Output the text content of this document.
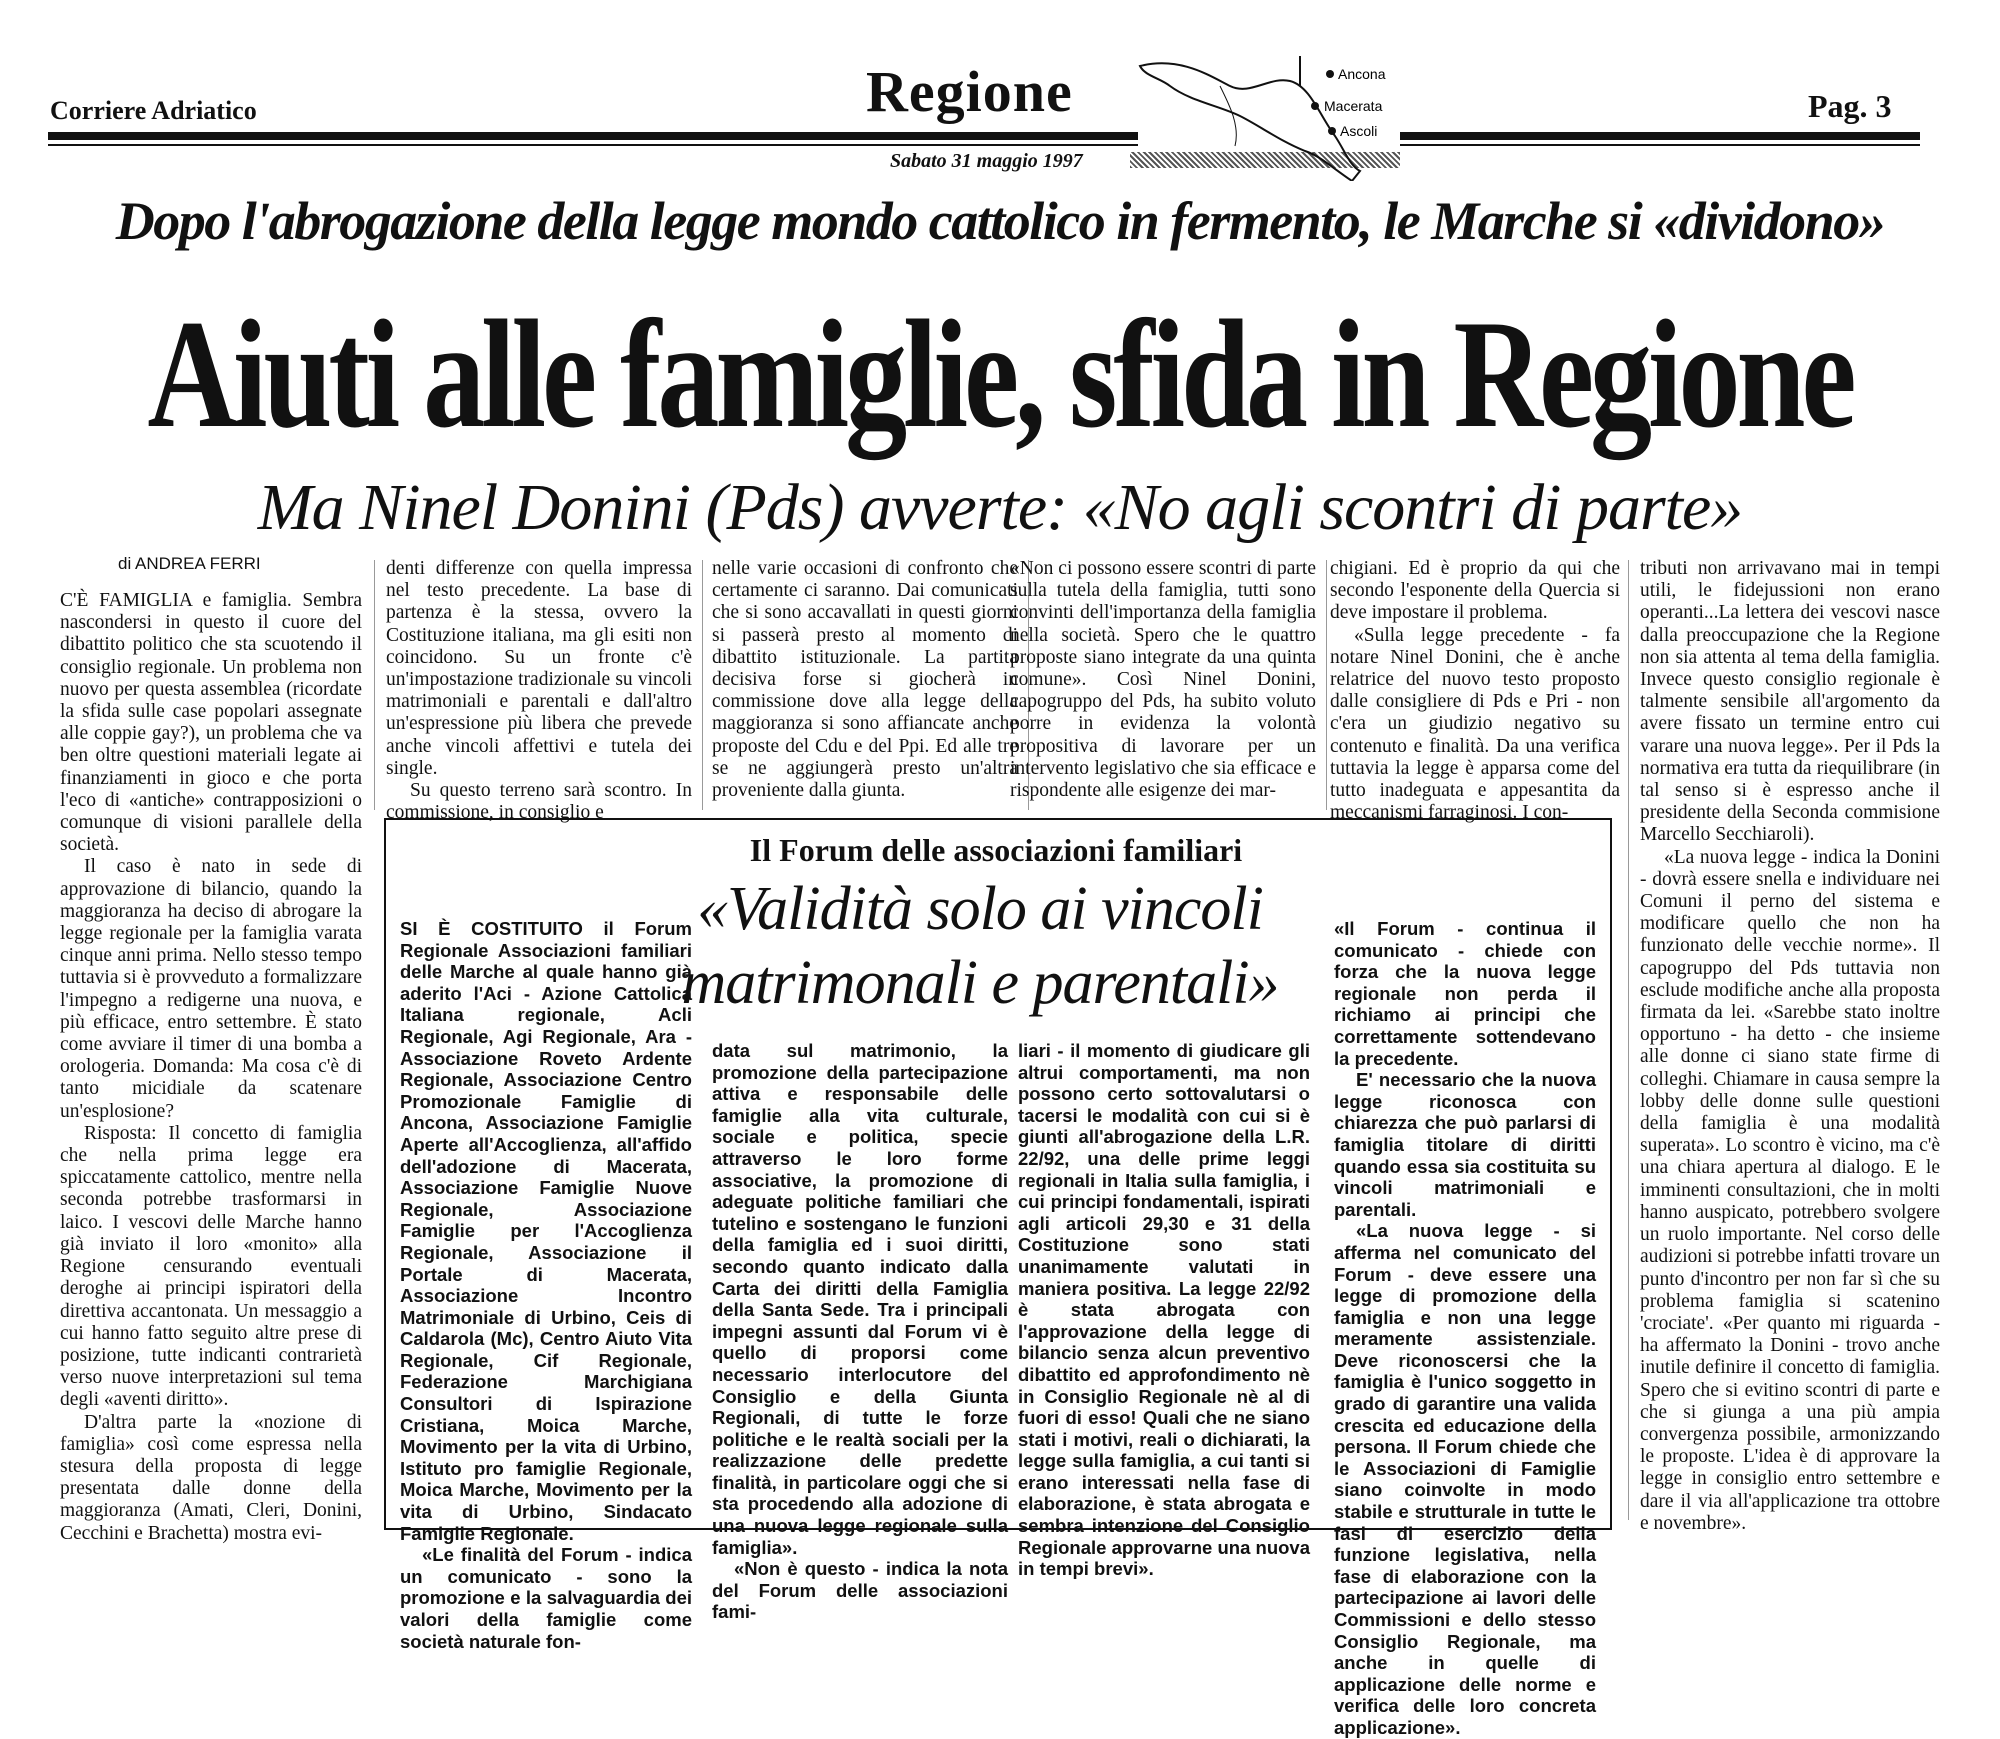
Corriere Adriatico	Regione	Pag. 3
Sabato 31 maggio 1997
Ancona
Macerata
Ascoli
Dopo l'abrogazione della legge mondo cattolico in fermento, le Marche si «dividono»
Aiuti alle famiglie, sfida in Regione
Ma Ninel Donini (Pds) avverte: «No agli scontri di parte»
di ANDREA FERRI

C'È FAMIGLIA e famiglia. Sembra nascondersi in questo il cuore del dibattito politico che sta scuotendo il consiglio regionale. Un problema non nuovo per questa assemblea (ricordate la sfida sulle case popolari assegnate alle coppie gay?), un problema che va ben oltre questioni materiali legate ai finanziamenti in gioco e che porta l'eco di «antiche» contrapposizioni o comunque di visioni parallele della società.

Il caso è nato in sede di approvazione di bilancio, quando la maggioranza ha deciso di abrogare la legge regionale per la famiglia varata cinque anni prima. Nello stesso tempo tuttavia si è provveduto a formalizzare l'impegno a redigerne una nuova, e più efficace, entro settembre. È stato come avviare il timer di una bomba a orologeria. Domanda: Ma cosa c'è di tanto micidiale da scatenare un'esplosione?

Risposta: Il concetto di famiglia che nella prima legge era spiccatamente cattolico, mentre nella seconda potrebbe trasformarsi in laico. I vescovi delle Marche hanno già inviato il loro «monito» alla Regione censurando eventuali deroghe ai principi ispiratori della direttiva accantonata. Un messaggio a cui hanno fatto seguito altre prese di posizione, tutte indicanti contrarietà verso nuove interpretazioni sul tema degli «aventi diritto».

D'altra parte la «nozione di famiglia» così come espressa nella stesura della proposta di legge presentata dalle donne della maggioranza (Amati, Cleri, Donini, Cecchini e Brachetta) mostra evi-

denti differenze con quella impressa nel testo precedente. La base di partenza è la stessa, ovvero la Costituzione italiana, ma gli esiti non coincidono. Su un fronte c'è un'impostazione tradizionale su vincoli matrimoniali e parentali e dall'altro un'espressione più libera che prevede anche vincoli affettivi e tutela dei single.

Su questo terreno sarà scontro. In commissione, in consiglio e

nelle varie occasioni di confronto che certamente ci saranno. Dai comunicati che si sono accavallati in questi giorni si passerà presto al momento di dibattito istituzionale. La partita decisiva forse si giocherà in commissione dove alla legge della maggioranza si sono affiancate anche proposte del Cdu e del Ppi. Ed alle tre se ne aggiungerà presto un'altra proveniente dalla giunta.

«Non ci possono essere scontri di parte sulla tutela della famiglia, tutti sono convinti dell'importanza della famiglia nella società. Spero che le quattro proposte siano integrate da una quinta comune». Così Ninel Donini, capogruppo del Pds, ha subito voluto porre in evidenza la volontà propositiva di lavorare per un intervento legislativo che sia efficace e rispondente alle esigenze dei mar-

chigiani. Ed è proprio da qui che secondo l'esponente della Quercia si deve impostare il problema.

«Sulla legge precedente - fa notare Ninel Donini, che è anche relatrice del nuovo testo proposto dalle consigliere di Pds e Pri - non c'era un giudizio negativo su contenuto e finalità. Da una verifica tuttavia la legge è apparsa come del tutto inadeguata e appesantita da meccanismi farraginosi. I con-

tributi non arrivavano mai in tempi utili, le fidejussioni non erano operanti...La lettera dei vescovi nasce dalla preoccupazione che la Regione non sia attenta al tema della famiglia. Invece questo consiglio regionale è talmente sensibile all'argomento da avere fissato un termine entro cui varare una nuova legge». Per il Pds la normativa era tutta da riequilibrare (in tal senso si è espresso anche il presidente della Seconda commisione Marcello Secchiaroli).

«La nuova legge - indica la Donini - dovrà essere snella e individuare nei Comuni il perno del sistema e modificare quello che non ha funzionato delle vecchie norme». Il capogruppo del Pds tuttavia non esclude modifiche anche alla proposta firmata da lei. «Sarebbe stato inoltre opportuno - ha detto - che insieme alle donne ci siano state firme di colleghi. Chiamare in causa sempre la lobby delle donne sulle questioni della famiglia è una modalità superata». Lo scontro è vicino, ma c'è una chiara apertura al dialogo. E le imminenti consultazioni, che in molti hanno auspicato, potrebbero svolgere un ruolo importante. Nel corso delle audizioni si potrebbe infatti trovare un punto d'incontro per non far sì che su problema famiglia si scatenino 'crociate'. «Per quanto mi riguarda - ha affermato la Donini - trovo anche inutile definire il concetto di famiglia. Spero che si evitino scontri di parte e che si giunga a una più ampia convergenza possibile, armonizzando le proposte. L'idea è di approvare la legge in consiglio entro settembre e dare il via all'applicazione tra ottobre e novembre».

Il Forum delle associazioni familiari
«Validità solo ai vincoli matrimonali e parentali»

SI È COSTITUITO il Forum Regionale Associazioni familiari delle Marche al quale hanno già aderito l'Aci - Azione Cattolica Italiana regionale, Acli Regionale, Agi Regionale, Ara - Associazione Roveto Ardente Regionale, Associazione Centro Promozionale Famiglie di Ancona, Associazione Famiglie Aperte all'Accoglienza, all'affido dell'adozione di Macerata, Associazione Famiglie Nuove Regionale, Associazione Famiglie per l'Accoglienza Regionale, Associazione il Portale di Macerata, Associazione Incontro Matrimoniale di Urbino, Ceis di Caldarola (Mc), Centro Aiuto Vita Regionale, Cif Regionale, Federazione Marchigiana Consultori di Ispirazione Cristiana, Moica Marche, Movimento per la vita di Urbino, Istituto pro famiglie Regionale, Moica Marche, Movimento per la vita di Urbino, Sindacato Famiglie Regionale.

«Le finalità del Forum - indica un comunicato - sono la promozione e la salvaguardia dei valori della famiglie come società naturale fon-

data sul matrimonio, la promozione della partecipazione attiva e responsabile delle famiglie alla vita culturale, sociale e politica, specie attraverso le loro forme associative, la promozione di adeguate politiche familiari che tutelino e sostengano le funzioni della famiglia ed i suoi diritti, secondo quanto indicato dalla Carta dei diritti della Famiglia della Santa Sede. Tra i principali impegni assunti dal Forum vi è quello di proporsi come necessario interlocutore del Consiglio e della Giunta Regionali, di tutte le forze politiche e le realtà sociali per la realizzazione delle predette finalità, in particolare oggi che si sta procedendo alla adozione di una nuova legge regionale sulla famiglia».

«Non è questo - indica la nota del Forum delle associazioni fami-

liari - il momento di giudicare gli altrui comportamenti, ma non possono certo sottovalutarsi o tacersi le modalità con cui si è giunti all'abrogazione della L.R. 22/92, una delle prime leggi regionali in Italia sulla famiglia, i cui principi fondamentali, ispirati agli articoli 29,30 e 31 della Costituzione sono stati unanimamente valutati in maniera positiva. La legge 22/92 è stata abrogata con l'approvazione della legge di bilancio senza alcun preventivo dibattito ed approfondimento nè in Consiglio Regionale nè al di fuori di esso! Quali che ne siano stati i motivi, reali o dichiarati, la legge sulla famiglia, a cui tanti si erano interessati nella fase di elaborazione, è stata abrogata e sembra intenzione del Consiglio Regionale approvarne una nuova in tempi brevi».

«Il Forum - continua il comunicato - chiede con forza che la nuova legge regionale non perda il richiamo ai principi che correttamente sottendevano la precedente.

E' necessario che la nuova legge riconosca con chiarezza che può parlarsi di famiglia titolare di diritti quando essa sia costituita su vincoli matrimoniali e parentali.

«La nuova legge - si afferma nel comunicato del Forum - deve essere una legge di promozione della famiglia e non una legge meramente assistenziale. Deve riconoscersi che la famiglia è l'unico soggetto in grado di garantire una valida crescita ed educazione della persona. Il Forum chiede che le Associazioni di Famiglie siano coinvolte in modo stabile e strutturale in tutte le fasi di esercizio della funzione legislativa, nella fase di elaborazione con la partecipazione ai lavori delle Commissioni e dello stesso Consiglio Regionale, ma anche in quelle di applicazione delle norme e verifica delle loro concreta applicazione».
